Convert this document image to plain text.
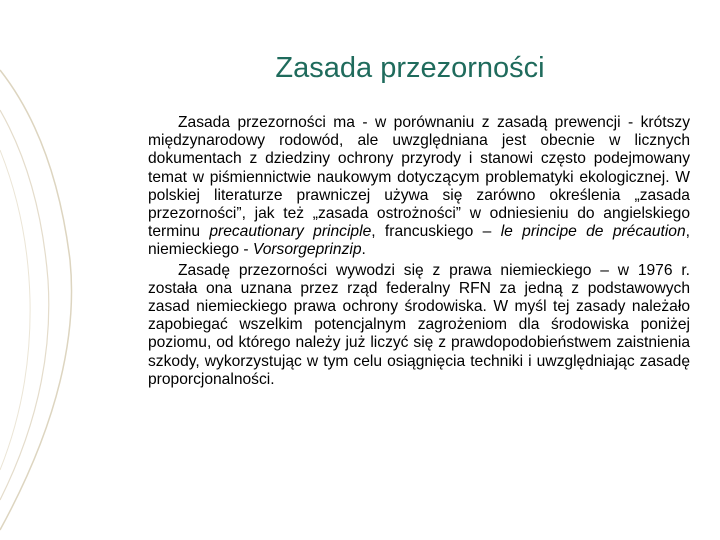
Zasada przezorności

Zasada przezorności ma - w porównaniu z zasadą prewencji - krótszy międzynarodowy rodowód, ale uwzględniana jest obecnie w licznych dokumentach z dziedziny ochrony przyrody i stanowi często podejmowany temat w piśmiennictwie naukowym dotyczącym problematyki ekologicznej. W polskiej literaturze prawniczej używa się zarówno określenia „zasada przezorności”, jak też „zasada ostrożności” w odniesieniu do angielskiego terminu precautionary principle, francuskiego – le principe de précaution, niemieckiego - Vorsorgeprinzip.

Zasadę przezorności wywodzi się z prawa niemieckiego – w 1976 r. została ona uznana przez rząd federalny RFN za jedną z podstawowych zasad niemieckiego prawa ochrony środowiska. W myśl tej zasady należało zapobiegać wszelkim potencjalnym zagrożeniom dla środowiska poniżej poziomu, od którego należy już liczyć się z prawdopodobieństwem zaistnienia szkody, wykorzystując w tym celu osiągnięcia techniki i uwzględniając zasadę proporcjonalności.
